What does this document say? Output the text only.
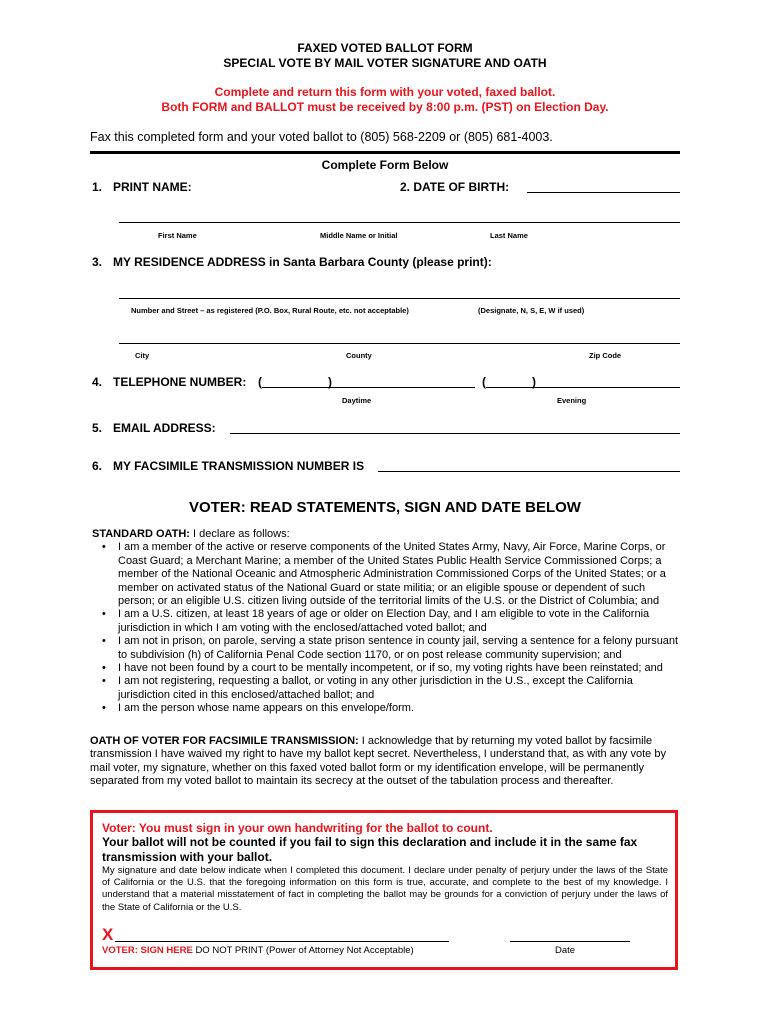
FAXED VOTED BALLOT FORM
SPECIAL VOTE BY MAIL VOTER SIGNATURE AND OATH
Complete and return this form with your voted, faxed ballot.
Both FORM and BALLOT must be received by 8:00 p.m. (PST) on Election Day.
Fax this completed form and your voted ballot to (805) 568-2209 or (805) 681-4003.
Complete Form Below
1. PRINT NAME:	2. DATE OF BIRTH:
First Name	Middle Name or Initial	Last Name
3. MY RESIDENCE ADDRESS in Santa Barbara County (please print):
Number and Street – as registered (P.O. Box, Rural Route, etc. not acceptable)	(Designate, N, S, E, W if used)
City	County	Zip Code
4. TELEPHONE NUMBER: (	)	(	)
Daytime	Evening
5. EMAIL ADDRESS:
6. MY FACSIMILE TRANSMISSION NUMBER IS
VOTER: READ STATEMENTS, SIGN AND DATE BELOW
STANDARD OATH: I declare as follows:
• I am a member of the active or reserve components of the United States Army, Navy, Air Force, Marine Corps, or Coast Guard; a Merchant Marine; a member of the United States Public Health Service Commissioned Corps; a member of the National Oceanic and Atmospheric Administration Commissioned Corps of the United States; or a member on activated status of the National Guard or state militia; or an eligible spouse or dependent of such person; or an eligible U.S. citizen living outside of the territorial limits of the U.S. or the District of Columbia; and
• I am a U.S. citizen, at least 18 years of age or older on Election Day, and I am eligible to vote in the California jurisdiction in which I am voting with the enclosed/attached voted ballot; and
• I am not in prison, on parole, serving a state prison sentence in county jail, serving a sentence for a felony pursuant to subdivision (h) of California Penal Code section 1170, or on post release community supervision; and
• I have not been found by a court to be mentally incompetent, or if so, my voting rights have been reinstated; and
• I am not registering, requesting a ballot, or voting in any other jurisdiction in the U.S., except the California jurisdiction cited in this enclosed/attached ballot; and
• I am the person whose name appears on this envelope/form.
OATH OF VOTER FOR FACSIMILE TRANSMISSION: I acknowledge that by returning my voted ballot by facsimile transmission I have waived my right to have my ballot kept secret. Nevertheless, I understand that, as with any vote by mail voter, my signature, whether on this faxed voted ballot form or my identification envelope, will be permanently separated from my voted ballot to maintain its secrecy at the outset of the tabulation process and thereafter.
Voter: You must sign in your own handwriting for the ballot to count.
Your ballot will not be counted if you fail to sign this declaration and include it in the same fax transmission with your ballot.
My signature and date below indicate when I completed this document. I declare under penalty of perjury under the laws of the State of California or the U.S. that the foregoing information on this form is true, accurate, and complete to the best of my knowledge. I understand that a material misstatement of fact in completing the ballot may be grounds for a conviction of perjury under the laws of the State of California or the U.S.
X
VOTER: SIGN HERE DO NOT PRINT (Power of Attorney Not Acceptable)	Date
